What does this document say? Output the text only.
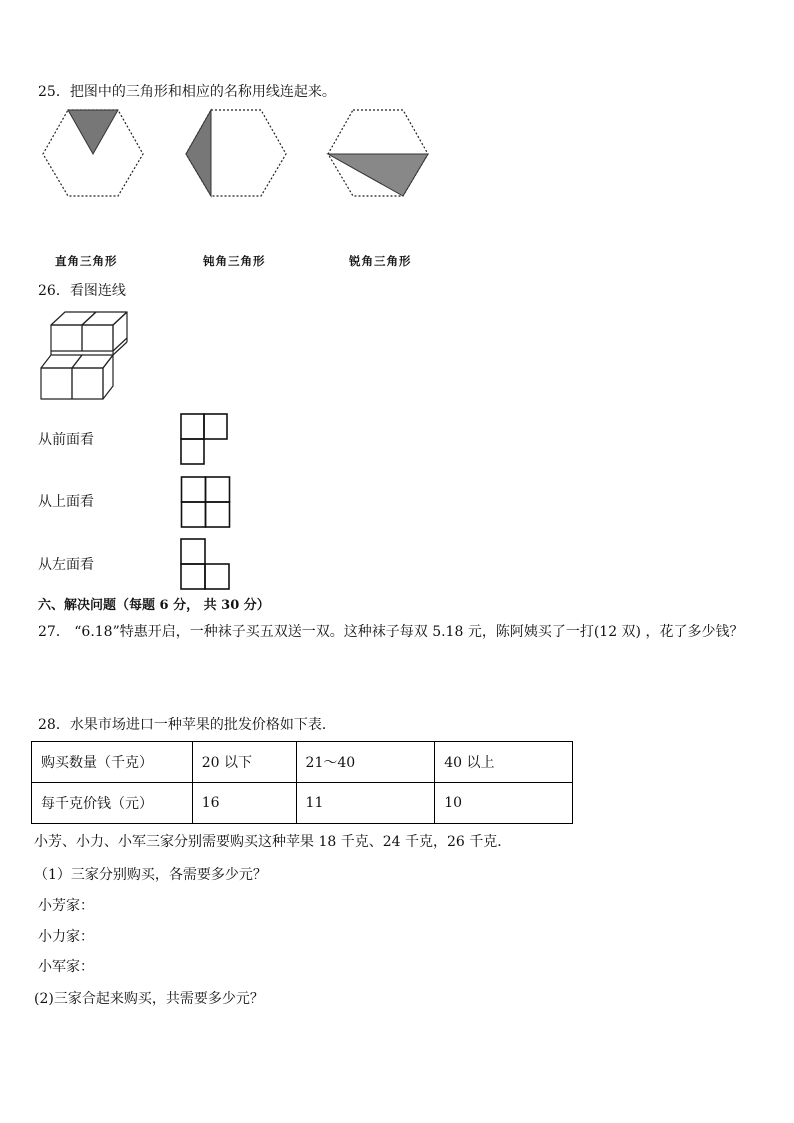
25．把图中的三角形和相应的名称用线连起来。
直角三角形	钝角三角形	锐角三角形
26．看图连线
从前面看
从上面看
从左面看
六、解决问题（每题 6 分， 共 30 分）
27． “6.18”特惠开启，一种袜子买五双送一双。这种袜子每双 5.18 元，陈阿姨买了一打(12 双) ，花了多少钱？
28．水果市场进口一种苹果的批发价格如下表．
购买数量（千克）	20 以下	21～40	40 以上
每千克价钱（元）	16	11	10
小芳、小力、小军三家分别需要购买这种苹果 18 千克、24 千克，26 千克．
（1）三家分别购买，各需要多少元？
小芳家：
小力家：
小军家：
(2)三家合起来购买，共需要多少元？
